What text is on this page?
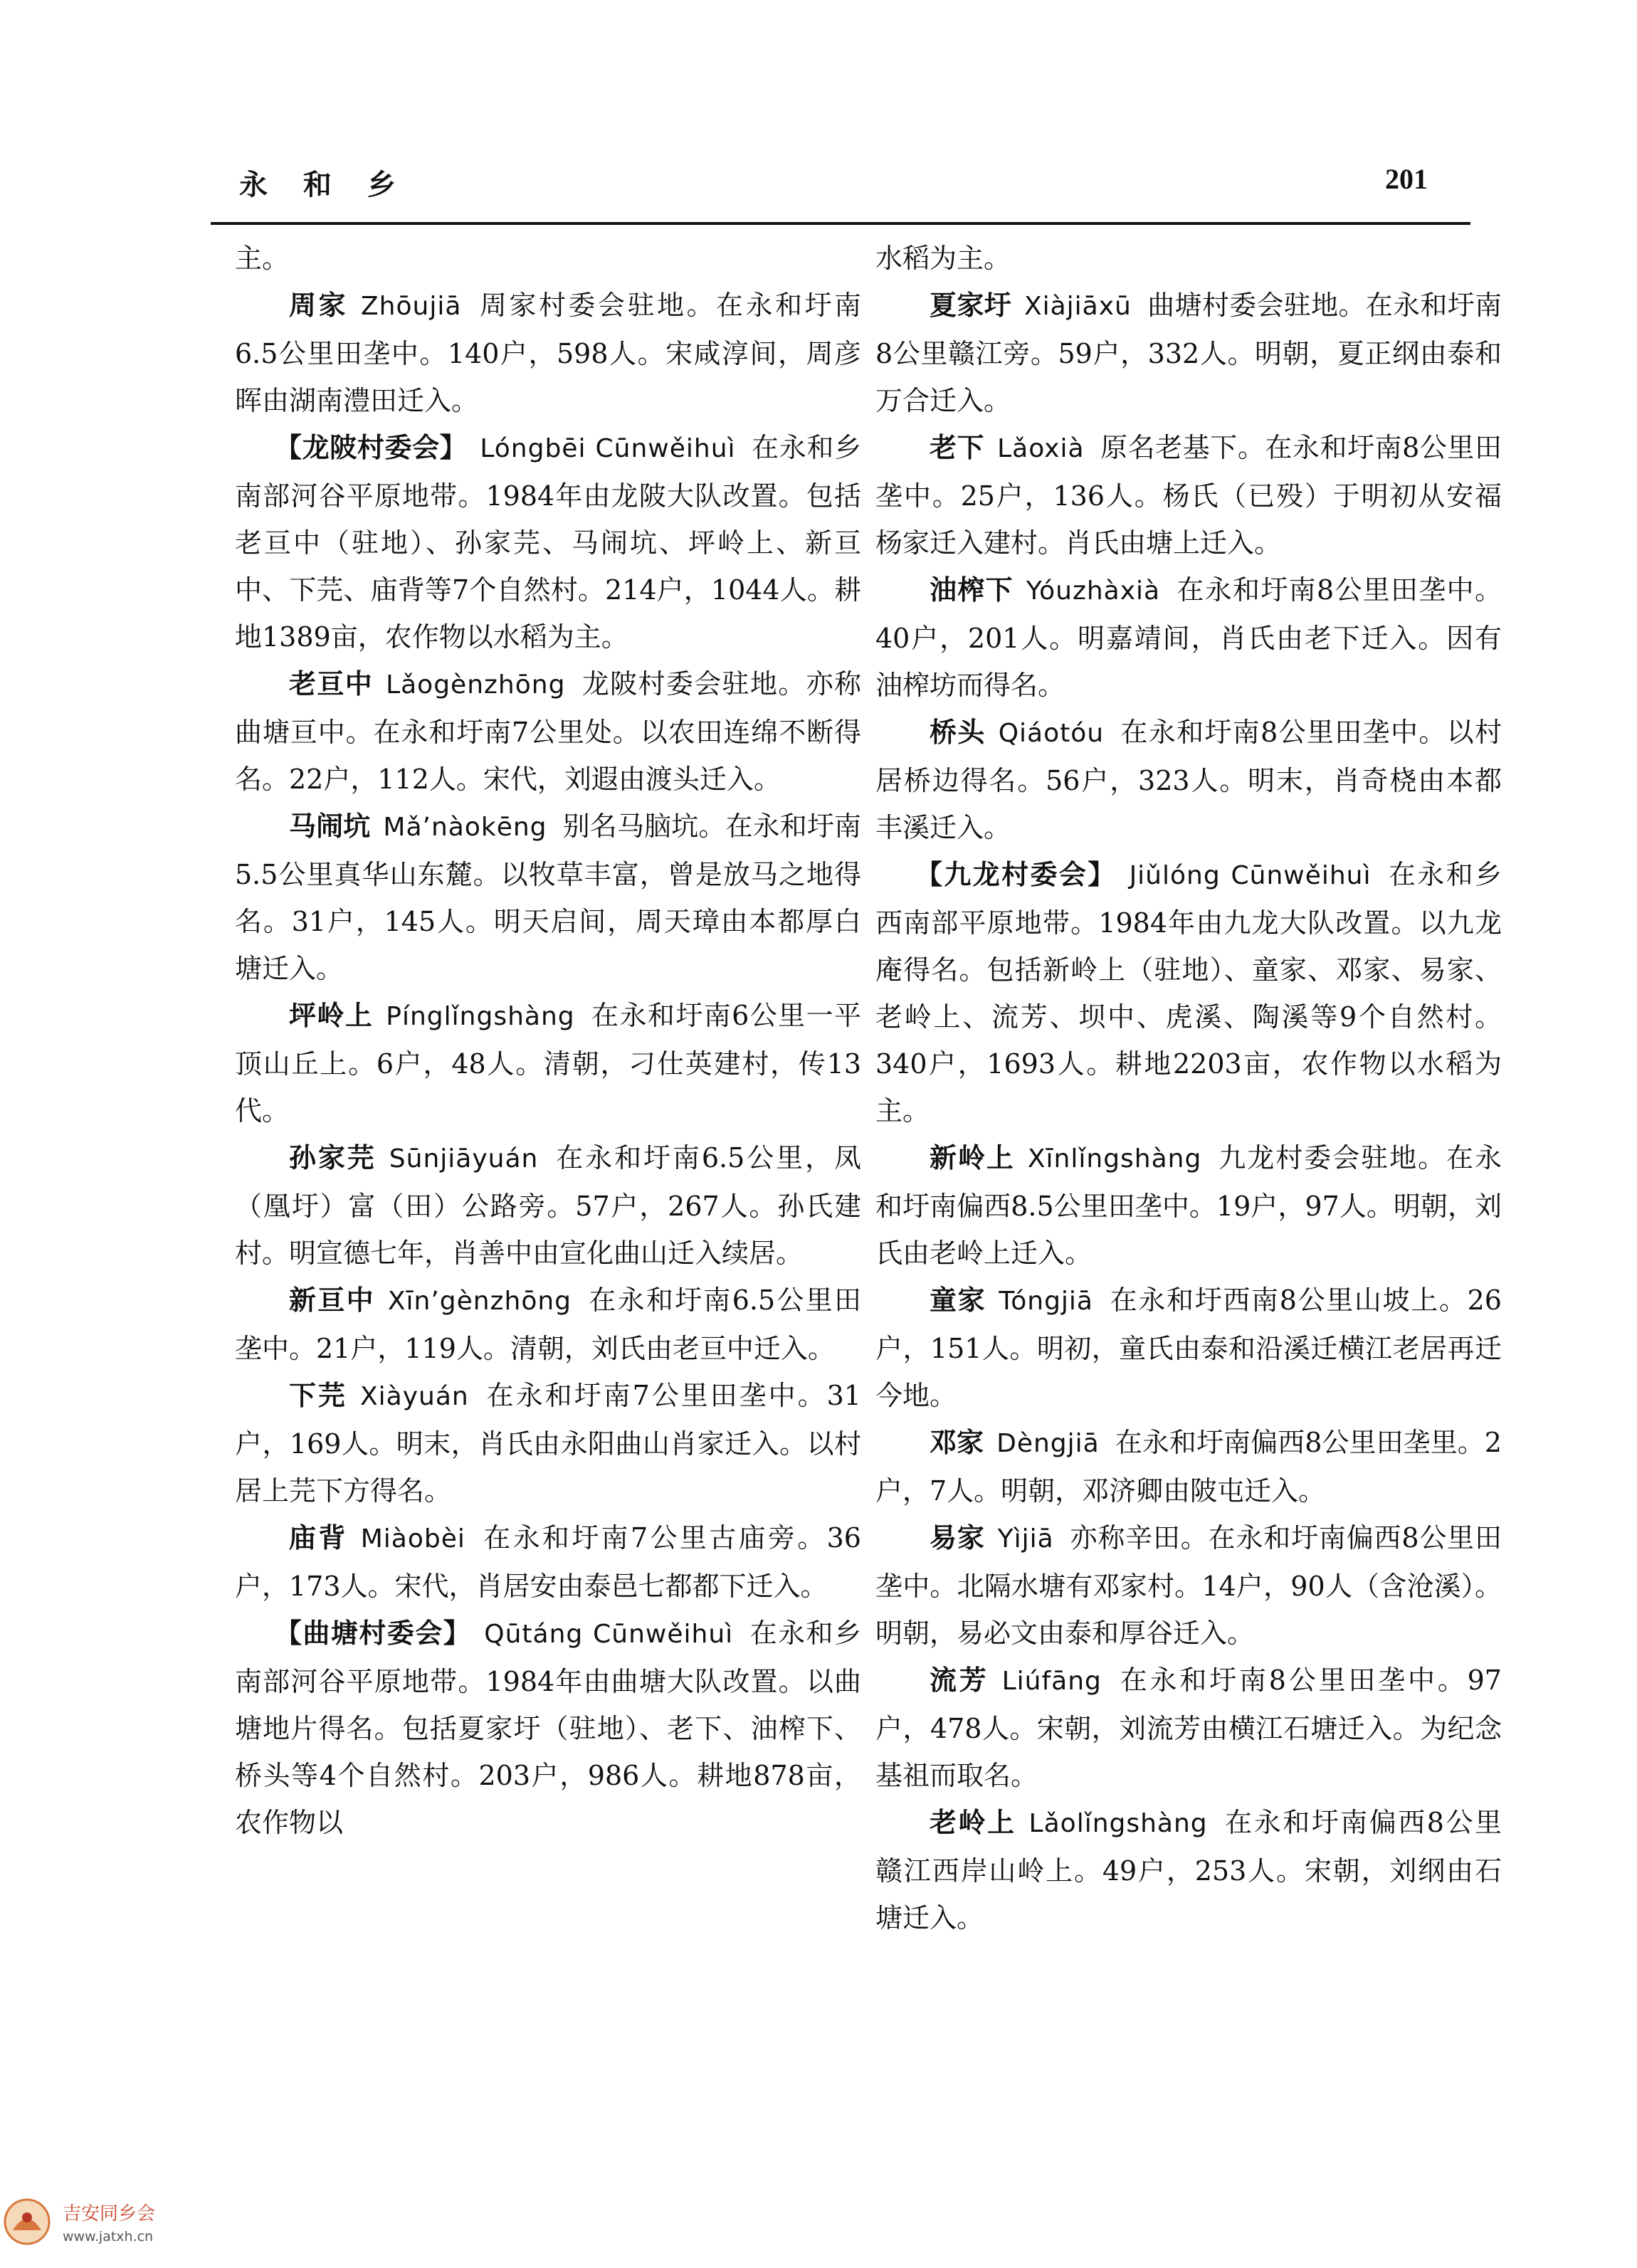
永 和 乡	201

主。

周家 Zhōujiā 周家村委会驻地。在永和圩南6.5公里田垄中。140户，598人。宋咸淳间，周彦晖由湖南澧田迁入。

【龙陂村委会】 Lóngbēi Cūnwěihuì 在永和乡南部河谷平原地带。1984年由龙陂大队改置。包括老亘中（驻地）、孙家芫、马闹坑、坪岭上、新亘中、下芫、庙背等7个自然村。214户，1044人。耕地1389亩，农作物以水稻为主。

老亘中 Lǎogènzhōng 龙陂村委会驻地。亦称曲塘亘中。在永和圩南7公里处。以农田连绵不断得名。22户，112人。宋代，刘遐由渡头迁入。

马闹坑 Mǎ’nàokēng 别名马脑坑。在永和圩南5.5公里真华山东麓。以牧草丰富，曾是放马之地得名。31户，145人。明天启间，周天璋由本都厚白塘迁入。

坪岭上 Pínglǐngshàng 在永和圩南6公里一平顶山丘上。6户，48人。清朝，刁仕英建村，传13代。

孙家芫 Sūnjiāyuán 在永和圩南6.5公里，凤（凰圩）富（田）公路旁。57户，267人。孙氏建村。明宣德七年，肖善中由宣化曲山迁入续居。

新亘中 Xīn’gènzhōng 在永和圩南6.5公里田垄中。21户，119人。清朝，刘氏由老亘中迁入。

下芫 Xiàyuán 在永和圩南7公里田垄中。31户，169人。明末，肖氏由永阳曲山肖家迁入。以村居上芫下方得名。

庙背 Miàobèi 在永和圩南7公里古庙旁。36户，173人。宋代，肖居安由泰邑七都都下迁入。

【曲塘村委会】 Qūtáng Cūnwěihuì 在永和乡南部河谷平原地带。1984年由曲塘大队改置。以曲塘地片得名。包括夏家圩（驻地）、老下、油榨下、桥头等4个自然村。203户，986人。耕地878亩，农作物以

水稻为主。

夏家圩 Xiàjiāxū 曲塘村委会驻地。在永和圩南8公里赣江旁。59户，332人。明朝，夏正纲由泰和万合迁入。

老下 Lǎoxià 原名老基下。在永和圩南8公里田垄中。25户，136人。杨氏（已殁）于明初从安福杨家迁入建村。肖氏由塘上迁入。

油榨下 Yóuzhàxià 在永和圩南8公里田垄中。40户，201人。明嘉靖间，肖氏由老下迁入。因有油榨坊而得名。

桥头 Qiáotóu 在永和圩南8公里田垄中。以村居桥边得名。56户，323人。明末，肖奇桡由本都丰溪迁入。

【九龙村委会】 Jiǔlóng Cūnwěihuì 在永和乡西南部平原地带。1984年由九龙大队改置。以九龙庵得名。包括新岭上（驻地）、童家、邓家、易家、老岭上、流芳、坝中、虎溪、陶溪等9个自然村。340户，1693人。耕地2203亩，农作物以水稻为主。

新岭上 Xīnlǐngshàng 九龙村委会驻地。在永和圩南偏西8.5公里田垄中。19户，97人。明朝，刘氏由老岭上迁入。

童家 Tóngjiā 在永和圩西南8公里山坡上。26户，151人。明初，童氏由泰和沿溪迁横江老居再迁今地。

邓家 Dèngjiā 在永和圩南偏西8公里田垄里。2户，7人。明朝，邓济卿由陂屯迁入。

易家 Yìjiā 亦称辛田。在永和圩南偏西8公里田垄中。北隔水塘有邓家村。14户，90人（含沧溪）。明朝，易必文由泰和厚谷迁入。

流芳 Liúfāng 在永和圩南8公里田垄中。97户，478人。宋朝，刘流芳由横江石塘迁入。为纪念基祖而取名。

老岭上 Lǎolǐngshàng 在永和圩南偏西8公里赣江西岸山岭上。49户，253人。宋朝，刘纲由石塘迁入。

吉安同乡会
www.jatxh.cn
